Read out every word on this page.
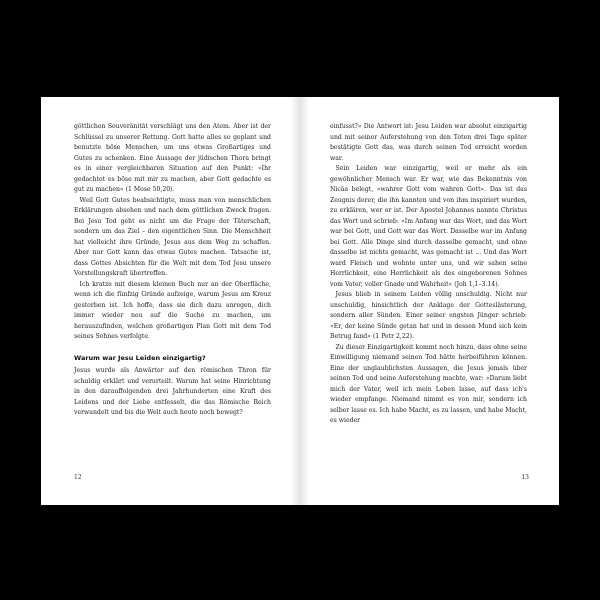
göttlichen Souveränität verschlägt uns den Atem. Aber ist der Schlüssel zu unserer Rettung. Gott hatte alles so geplant und benutzte böse Menschen, um uns etwas Großartiges und Gutes zu schenken. Eine Aussage der jüdischen Thora bringt es in einer vergleichbaren Situation auf den Punkt: »Ihr gedachtet es böse mit mir zu machen, aber Gott gedachte es gut zu machen« (1 Mose 50,20).

Weil Gott Gutes beabsichtigte, muss man von menschlichen Erklärungen absehen und nach dem göttlichen Zweck fragen. Bei Jesu Tod geht es nicht um die Frage der Täterschaft, sondern um das Ziel – den eigentlichen Sinn. Die Menschheit hat vielleicht ihre Gründe, Jesus aus dem Weg zu schaffen. Aber nur Gott kann das etwas Gutes machen. Tatsache ist, dass Gottes Absichten für die Welt mit dem Tod Jesu unsere Vorstellungskraft übertreffen.

Ich kratze mit diesem kleinen Buch nur an der Oberfläche, wenn ich die fünfzig Gründe aufzeige, warum Jesus am Kreuz gestorben ist. Ich hoffe, dass sie dich dazu anregen, dich immer wieder neu auf die Suche zu machen, um herauszufinden, welchen großartigen Plan Gott mit dem Tod seines Sohnes verfolgte.

Warum war Jesu Leiden einzigartig?

Jesus wurde als Anwärter auf den römischen Thron für schuldig erklärt und verurteilt. Warum hat seine Hinrichtung in den darauffolgenden drei Jahrhunderten eine Kraft des Leidens und der Liebe entfesselt, die das Römische Reich verwandelt und bis die Welt auch heute noch bewegt?

12

einfusst?« Die Antwort ist: Jesu Leiden war absolut einzigartig und mit seiner Auferstehung von den Toten drei Tage später bestätigte Gott das, was durch seinen Tod erreicht worden war.

Sein Leiden war einzigartig, weil er mehr als ein gewöhnlicher Mensch war. Er war, wie das Bekenntnis von Nicäa belegt, »wahrer Gott vom wahren Gott«. Das ist das Zeugnis derer, die ihn kannten und von ihm inspiriert wurden, zu erklären, wer er ist. Der Apostel Johannes nannte Christus das Wort und schrieb: »Im Anfang war das Wort, und das Wort war bei Gott, und Gott war das Wort. Dasselbe war im Anfang bei Gott. Alle Dinge sind durch dasselbe gemacht, und ohne dasselbe ist nichts gemacht, was gemacht ist ... Und das Wort ward Fleisch und wohnte unter uns, und wir sahen seine Herrlichkeit, eine Herrlichkeit als des eingeborenen Sohnes vom Vater, voller Gnade und Wahrheit« (Joh 1,1–3.14).

Jesus blieb in seinem Leiden völlig unschuldig. Nicht nur unschuldig, hinsichtlich der Anklage der Gotteslästerung, sondern aller Sünden. Einer seiner engsten Jünger schrieb: »Er, der keine Sünde getan hat und in dessen Mund sich kein Betrug fand« (1 Petr 2,22).

Zu dieser Einzigartigkeit kommt noch hinzu, dass ohne seine Einwilligung niemand seinen Tod hätte herbeiführen können. Eine der unglaublichsten Aussagen, die Jesus jemals über seinen Tod und seine Auferstehung machte, war: »Darum liebt mich der Vater, weil ich mein Leben lasse, auf dass ich's wieder empfange. Niemand nimmt es von mir, sondern ich selber lasse es. Ich habe Macht, es zu lassen, und habe Macht, es wieder

13
